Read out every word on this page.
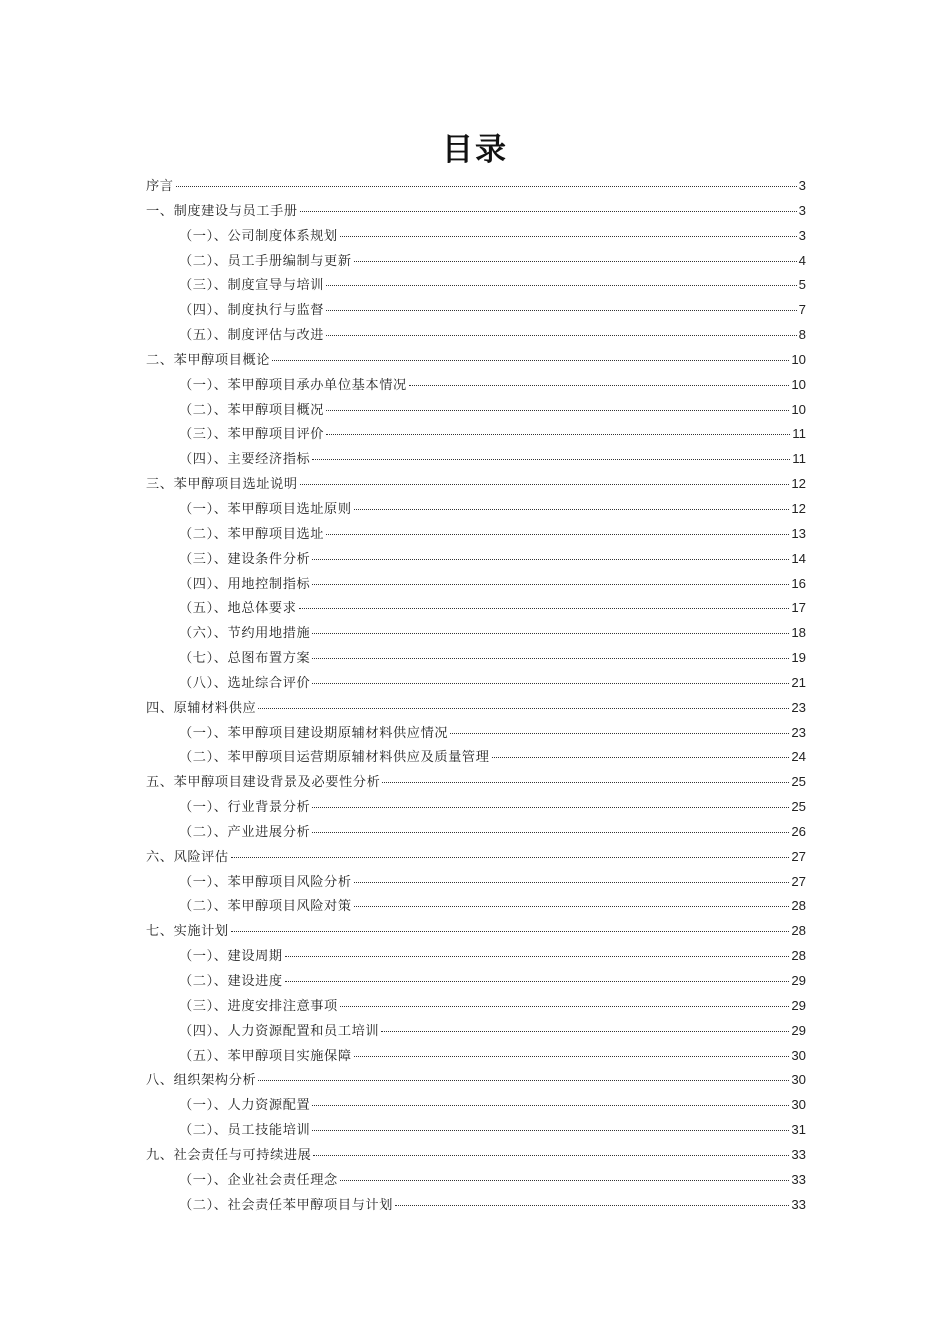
目录
序言	3
一、制度建设与员工手册	3
（一）、公司制度体系规划	3
（二）、员工手册编制与更新	4
（三）、制度宣导与培训	5
（四）、制度执行与监督	7
（五）、制度评估与改进	8
二、苯甲醇项目概论	10
（一）、苯甲醇项目承办单位基本情况	10
（二）、苯甲醇项目概况	10
（三）、苯甲醇项目评价	11
（四）、主要经济指标	11
三、苯甲醇项目选址说明	12
（一）、苯甲醇项目选址原则	12
（二）、苯甲醇项目选址	13
（三）、建设条件分析	14
（四）、用地控制指标	16
（五）、地总体要求	17
（六）、节约用地措施	18
（七）、总图布置方案	19
（八）、选址综合评价	21
四、原辅材料供应	23
（一）、苯甲醇项目建设期原辅材料供应情况	23
（二）、苯甲醇项目运营期原辅材料供应及质量管理	24
五、苯甲醇项目建设背景及必要性分析	25
（一）、行业背景分析	25
（二）、产业进展分析	26
六、风险评估	27
（一）、苯甲醇项目风险分析	27
（二）、苯甲醇项目风险对策	28
七、实施计划	28
（一）、建设周期	28
（二）、建设进度	29
（三）、进度安排注意事项	29
（四）、人力资源配置和员工培训	29
（五）、苯甲醇项目实施保障	30
八、组织架构分析	30
（一）、人力资源配置	30
（二）、员工技能培训	31
九、社会责任与可持续进展	33
（一）、企业社会责任理念	33
（二）、社会责任苯甲醇项目与计划	33
